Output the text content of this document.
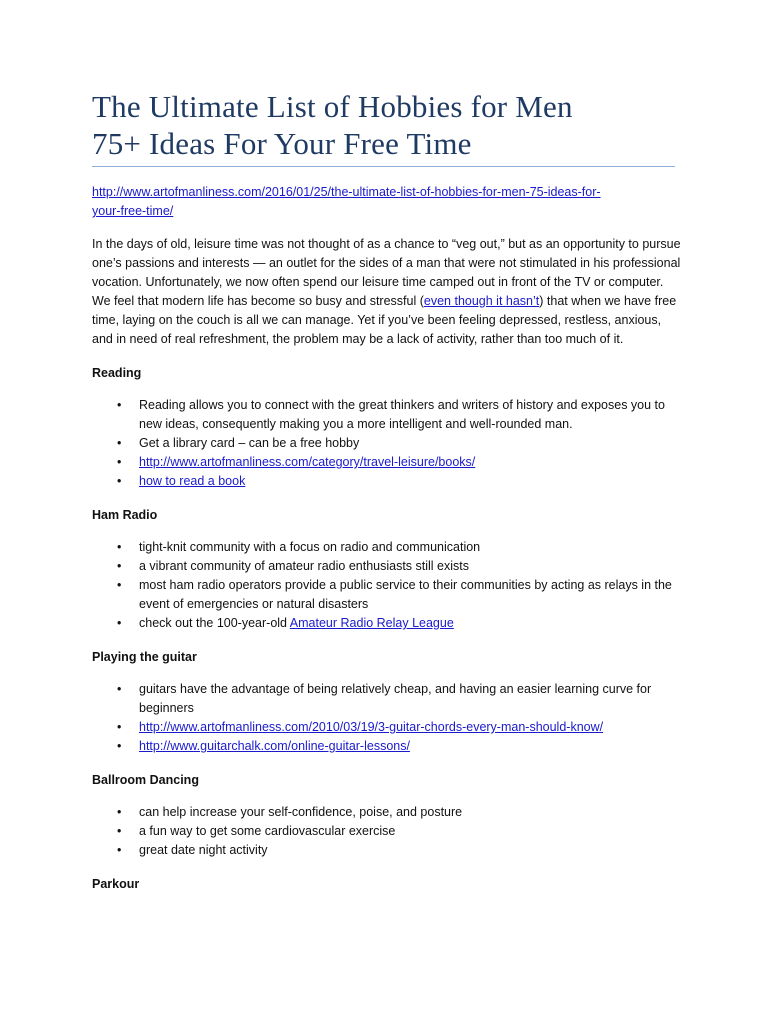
The Ultimate List of Hobbies for Men
75+ Ideas For Your Free Time
http://www.artofmanliness.com/2016/01/25/the-ultimate-list-of-hobbies-for-men-75-ideas-for-
your-free-time/

In the days of old, leisure time was not thought of as a chance to “veg out,” but as an opportunity to pursue one’s passions and interests — an outlet for the sides of a man that were not stimulated in his professional vocation. Unfortunately, we now often spend our leisure time camped out in front of the TV or computer. We feel that modern life has become so busy and stressful (even though it hasn’t) that when we have free time, laying on the couch is all we can manage. Yet if you’ve been feeling depressed, restless, anxious, and in need of real refreshment, the problem may be a lack of activity, rather than too much of it.

Reading

• Reading allows you to connect with the great thinkers and writers of history and exposes you to new ideas, consequently making you a more intelligent and well-rounded man.
• Get a library card – can be a free hobby
• http://www.artofmanliness.com/category/travel-leisure/books/
• how to read a book

Ham Radio

• tight-knit community with a focus on radio and communication
• a vibrant community of amateur radio enthusiasts still exists
• most ham radio operators provide a public service to their communities by acting as relays in the event of emergencies or natural disasters
• check out the 100-year-old Amateur Radio Relay League

Playing the guitar

• guitars have the advantage of being relatively cheap, and having an easier learning curve for beginners
• http://www.artofmanliness.com/2010/03/19/3-guitar-chords-every-man-should-know/
• http://www.guitarchalk.com/online-guitar-lessons/

Ballroom Dancing

• can help increase your self-confidence, poise, and posture
• a fun way to get some cardiovascular exercise
• great date night activity

Parkour
